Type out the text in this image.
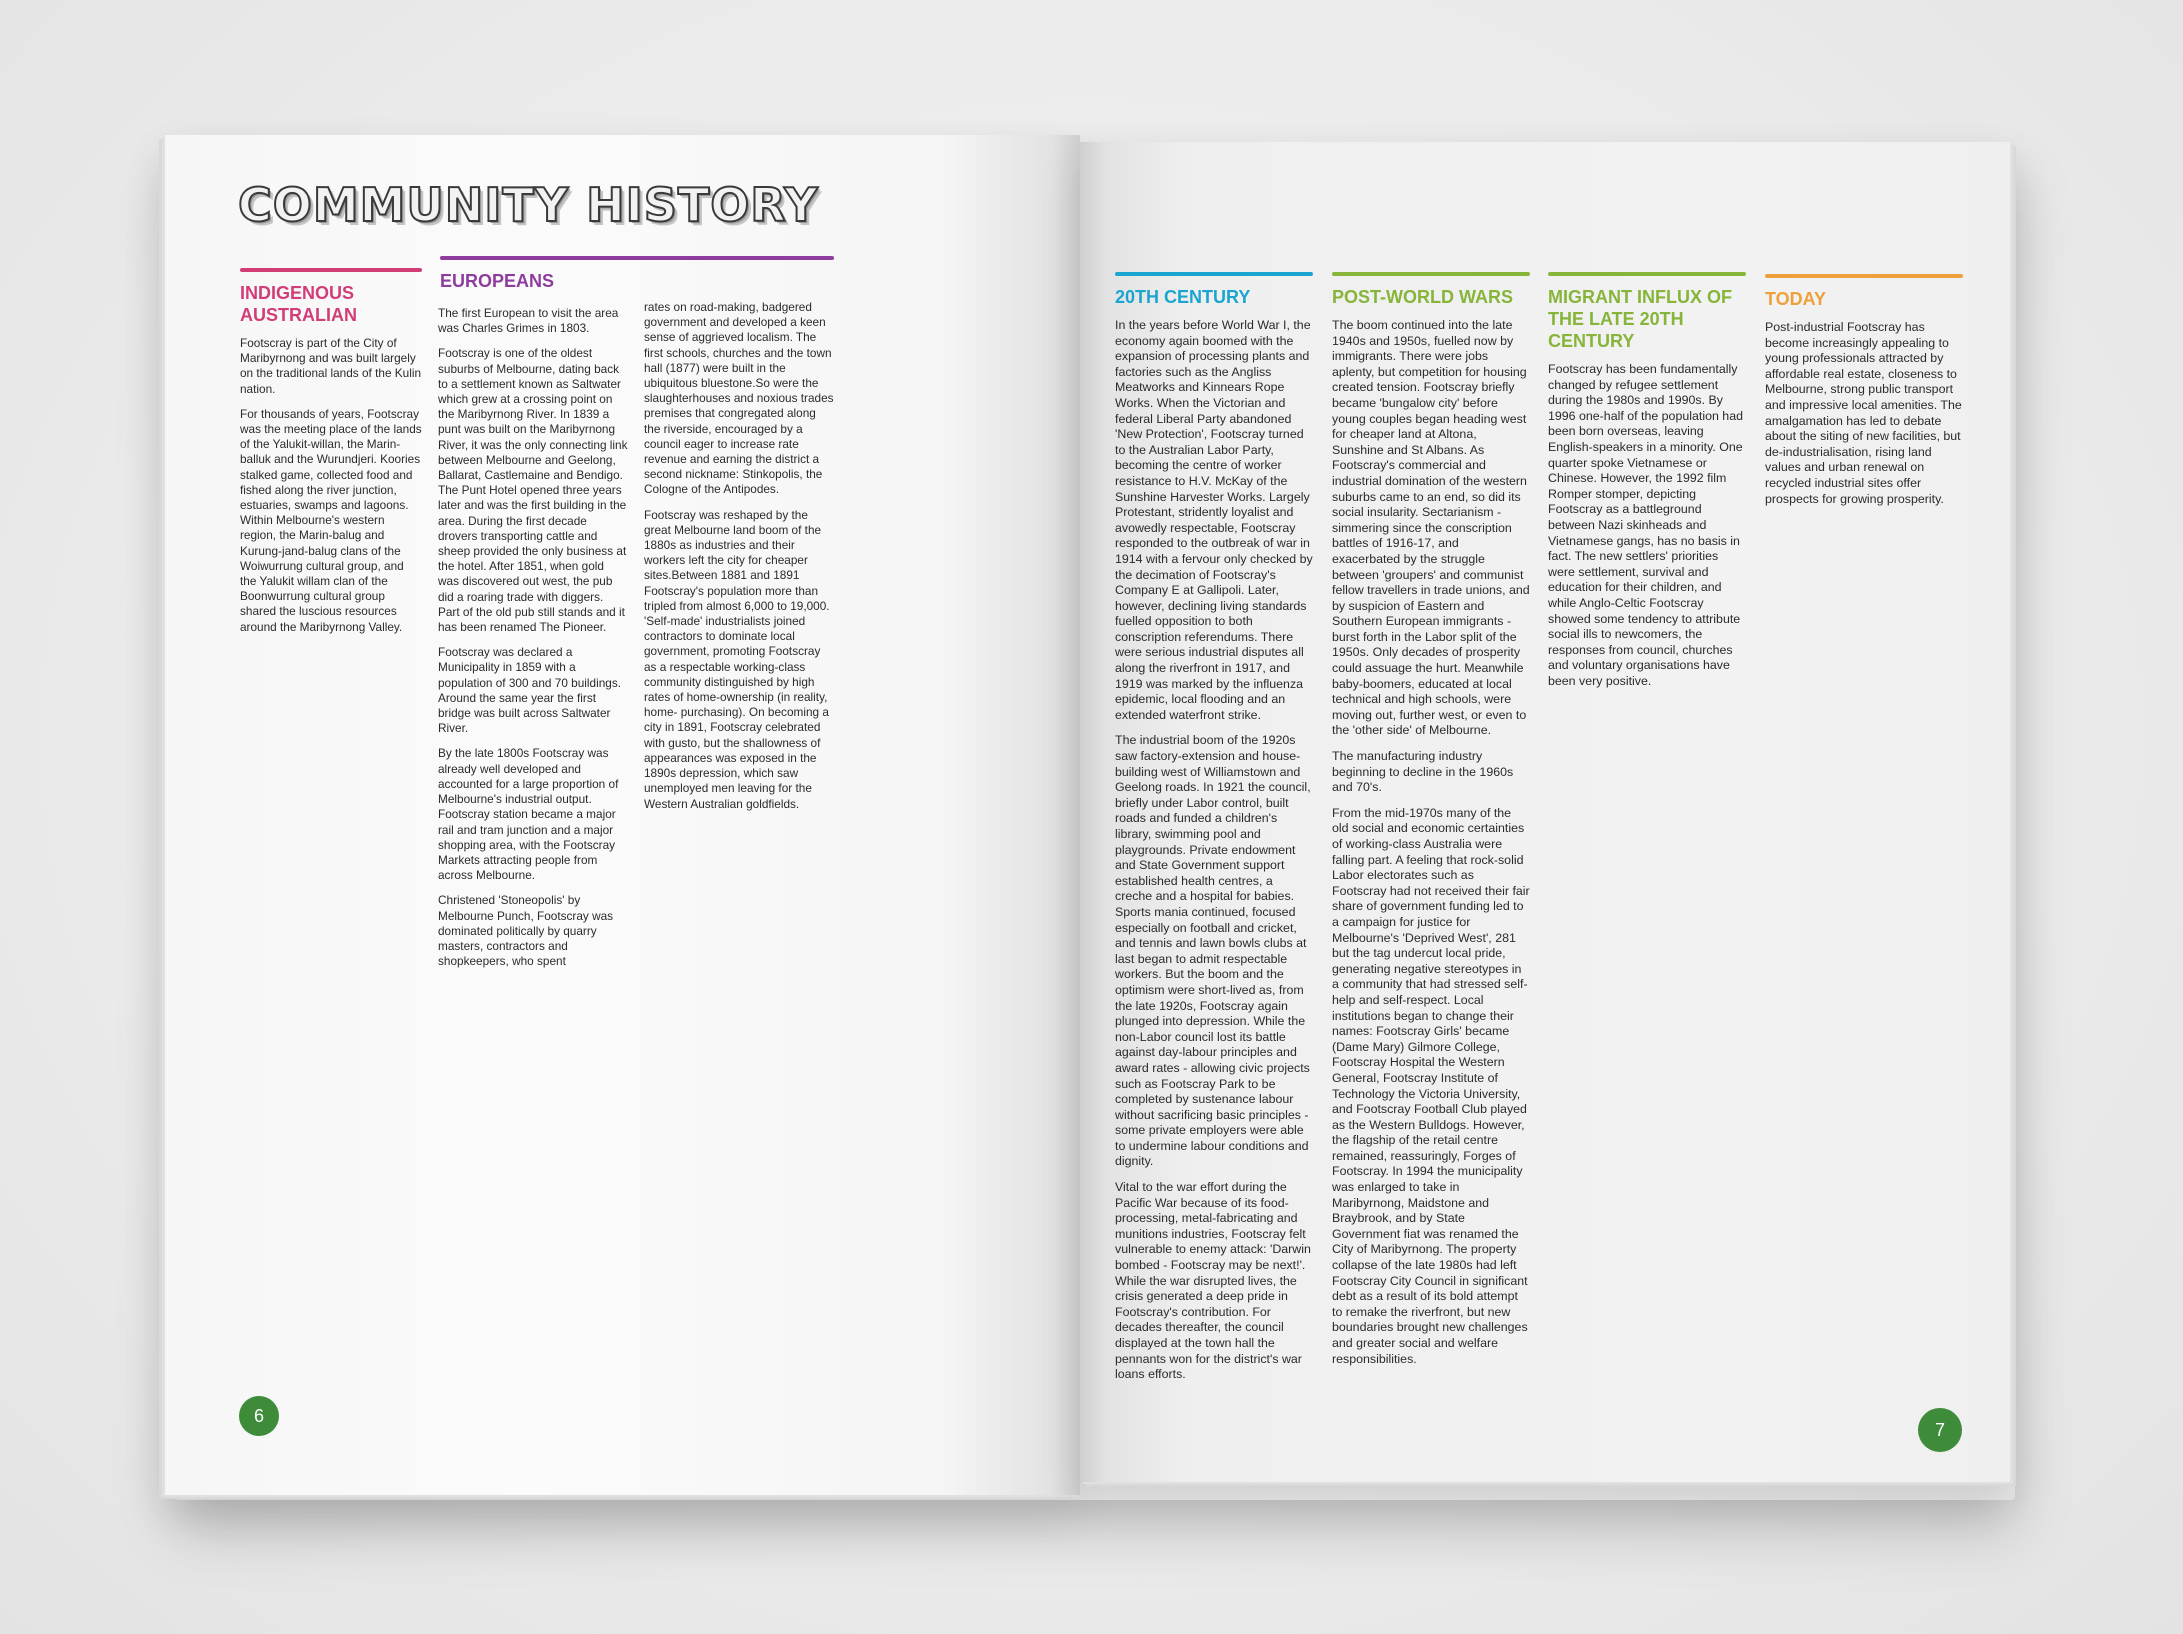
COMMUNITY HISTORY
INDIGENOUS AUSTRALIAN

Footscray is part of the City of Maribyrnong and was built largely on the traditional lands of the Kulin nation.

For thousands of years, Footscray was the meeting place of the lands of the Yalukit-willan, the Marin-balluk and the Wurundjeri. Koories stalked game, collected food and fished along the river junction, estuaries, swamps and lagoons. Within Melbourne's western region, the Marin-balug and Kurung-jand-balug clans of the Woiwurrung cultural group, and the Yalukit willam clan of the Boonwurrung cultural group shared the luscious resources around the Maribyrnong Valley.

EUROPEANS

The first European to visit the area was Charles Grimes in 1803.

Footscray is one of the oldest suburbs of Melbourne, dating back to a settlement known as Saltwater which grew at a crossing point on the Maribyrnong River. In 1839 a punt was built on the Maribyrnong River, it was the only connecting link between Melbourne and Geelong, Ballarat, Castlemaine and Bendigo. The Punt Hotel opened three years later and was the first building in the area. During the first decade drovers transporting cattle and sheep provided the only business at the hotel. After 1851, when gold was discovered out west, the pub did a roaring trade with diggers. Part of the old pub still stands and it has been renamed The Pioneer.

Footscray was declared a Municipality in 1859 with a population of 300 and 70 buildings. Around the same year the first bridge was built across Saltwater River.

By the late 1800s Footscray was already well developed and accounted for a large proportion of Melbourne's industrial output. Footscray station became a major rail and tram junction and a major shopping area, with the Footscray Markets attracting people from across Melbourne.

Christened 'Stoneopolis' by Melbourne Punch, Footscray was dominated politically by quarry masters, contractors and shopkeepers, who spent

rates on road-making, badgered government and developed a keen sense of aggrieved localism. The first schools, churches and the town hall (1877) were built in the ubiquitous bluestone.So were the slaughterhouses and noxious trades premises that congregated along the riverside, encouraged by a council eager to increase rate revenue and earning the district a second nickname: Stinkopolis, the Cologne of the Antipodes.

Footscray was reshaped by the great Melbourne land boom of the 1880s as industries and their workers left the city for cheaper sites.Between 1881 and 1891 Footscray's population more than tripled from almost 6,000 to 19,000. 'Self-made' industrialists joined contractors to dominate local government, promoting Footscray as a respectable working-class community distinguished by high rates of home-ownership (in reality, home- purchasing). On becoming a city in 1891, Footscray celebrated with gusto, but the shallowness of appearances was exposed in the 1890s depression, which saw unemployed men leaving for the Western Australian goldfields.

20TH CENTURY

In the years before World War I, the economy again boomed with the expansion of processing plants and factories such as the Angliss Meatworks and Kinnears Rope Works. When the Victorian and federal Liberal Party abandoned 'New Protection', Footscray turned to the Australian Labor Party, becoming the centre of worker resistance to H.V. McKay of the Sunshine Harvester Works. Largely Protestant, stridently loyalist and avowedly respectable, Footscray responded to the outbreak of war in 1914 with a fervour only checked by the decimation of Footscray's Company E at Gallipoli. Later, however, declining living standards fuelled opposition to both conscription referendums. There were serious industrial disputes all along the riverfront in 1917, and 1919 was marked by the influenza epidemic, local flooding and an extended waterfront strike.

The industrial boom of the 1920s saw factory-extension and house-building west of Williamstown and Geelong roads. In 1921 the council, briefly under Labor control, built roads and funded a children's library, swimming pool and playgrounds. Private endowment and State Government support established health centres, a creche and a hospital for babies. Sports mania continued, focused especially on football and cricket, and tennis and lawn bowls clubs at last began to admit respectable workers. But the boom and the optimism were short-lived as, from the late 1920s, Footscray again plunged into depression. While the non-Labor council lost its battle against day-labour principles and award rates - allowing civic projects such as Footscray Park to be completed by sustenance labour without sacrificing basic principles - some private employers were able to undermine labour conditions and dignity.

Vital to the war effort during the Pacific War because of its food-processing, metal-fabricating and munitions industries, Footscray felt vulnerable to enemy attack: 'Darwin bombed - Footscray may be next!'. While the war disrupted lives, the crisis generated a deep pride in Footscray's contribution. For decades thereafter, the council displayed at the town hall the pennants won for the district's war loans efforts.

POST-WORLD WARS

The boom continued into the late 1940s and 1950s, fuelled now by immigrants. There were jobs aplenty, but competition for housing created tension. Footscray briefly became 'bungalow city' before young couples began heading west for cheaper land at Altona, Sunshine and St Albans. As Footscray's commercial and industrial domination of the western suburbs came to an end, so did its social insularity. Sectarianism - simmering since the conscription battles of 1916-17, and exacerbated by the struggle between 'groupers' and communist fellow travellers in trade unions, and by suspicion of Eastern and Southern European immigrants - burst forth in the Labor split of the 1950s. Only decades of prosperity could assuage the hurt. Meanwhile baby-boomers, educated at local technical and high schools, were moving out, further west, or even to the 'other side' of Melbourne.

The manufacturing industry beginning to decline in the 1960s and 70's.

From the mid-1970s many of the old social and economic certainties of working-class Australia were falling part. A feeling that rock-solid Labor electorates such as Footscray had not received their fair share of government funding led to a campaign for justice for Melbourne's 'Deprived West', 281 but the tag undercut local pride, generating negative stereotypes in a community that had stressed self-help and self-respect. Local institutions began to change their names: Footscray Girls' became (Dame Mary) Gilmore College, Footscray Hospital the Western General, Footscray Institute of Technology the Victoria University, and Footscray Football Club played as the Western Bulldogs. However, the flagship of the retail centre remained, reassuringly, Forges of Footscray. In 1994 the municipality was enlarged to take in Maribyrnong, Maidstone and Braybrook, and by State Government fiat was renamed the City of Maribyrnong. The property collapse of the late 1980s had left Footscray City Council in significant debt as a result of its bold attempt to remake the riverfront, but new boundaries brought new challenges and greater social and welfare responsibilities.

MIGRANT INFLUX OF THE LATE 20TH CENTURY

Footscray has been fundamentally changed by refugee settlement during the 1980s and 1990s. By 1996 one-half of the population had been born overseas, leaving English-speakers in a minority. One quarter spoke Vietnamese or Chinese. However, the 1992 film Romper stomper, depicting Footscray as a battleground between Nazi skinheads and Vietnamese gangs, has no basis in fact. The new settlers' priorities were settlement, survival and education for their children, and while Anglo-Celtic Footscray showed some tendency to attribute social ills to newcomers, the responses from council, churches and voluntary organisations have been very positive.

TODAY

Post-industrial Footscray has become increasingly appealing to young professionals attracted by affordable real estate, closeness to Melbourne, strong public transport and impressive local amenities. The amalgamation has led to debate about the siting of new facilities, but de-industrialisation, rising land values and urban renewal on recycled industrial sites offer prospects for growing prosperity.

6
7
